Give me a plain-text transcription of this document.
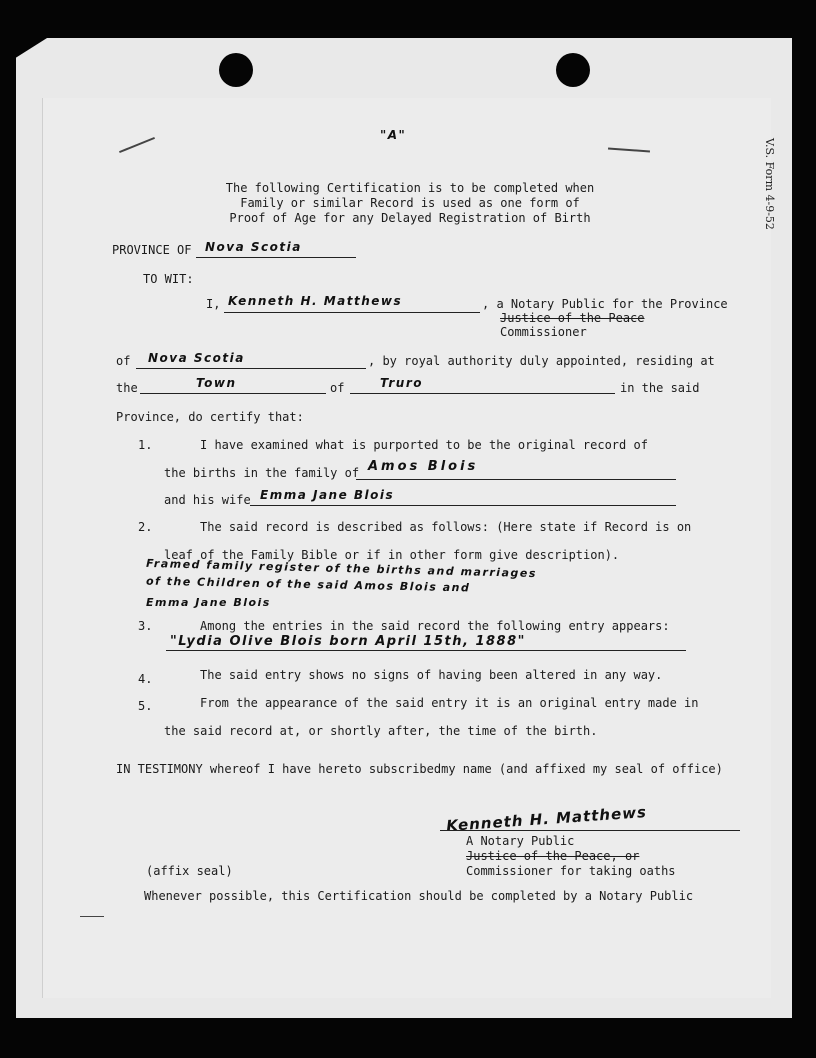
V.S. Form 4-9-52
"A"
The following Certification is to be completed when
Family or similar Record is used as one form of
Proof of Age for any Delayed Registration of Birth
PROVINCE OF Nova Scotia
TO WIT:
I, Kenneth H. Matthews	, a Notary Public for the Province
Justice of the Peace
Commissioner
of Nova Scotia	, by royal authority duly appointed, residing at
the	Town	of	Truro	in the said
Province, do certify that:
1.	I have examined what is purported to be the original record of
the births in the family of Amos Blois
and his wife Emma Jane Blois
2.	The said record is described as follows: (Here state if Record is on
leaf of the Family Bible or if in other form give description).
Framed family register of the births and marriages
of the Children of the said Amos Blois and
Emma Jane Blois
3.	Among the entries in the said record the following entry appears:
"Lydia Olive Blois born April 15th, 1888"
4.	The said entry shows no signs of having been altered in any way.
5.	From the appearance of the said entry it is an original entry made in
the said record at, or shortly after, the time of the birth.
IN TESTIMONY whereof I have hereto subscribedmy name (and affixed my seal of office)
Kenneth H. Matthews
A Notary Public
Justice of the Peace, or
Commissioner for taking oaths
(affix seal)
Whenever possible, this Certification should be completed by a Notary Public
